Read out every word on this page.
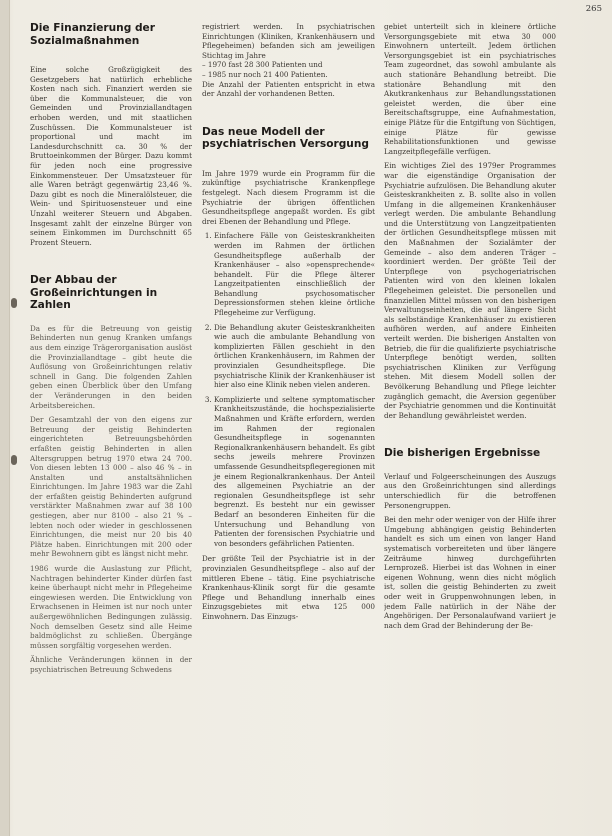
265
Die Finanzierung der Sozialmaßnahmen

Eine solche Großzügigkeit des Gesetzgebers hat natürlich erhebliche Kosten nach sich. Finanziert werden sie über die Kommunalsteuer, die von Gemeinden und Provinziallandtagen erhoben werden, und mit staatlichen Zuschüssen. Die Kommunalsteuer ist proportional und macht im Landesdurchschnitt ca. 30 % der Bruttoeinkommen der Bürger. Dazu kommt für jeden noch eine progressive Einkommensteuer. Der Umsatzsteuer für alle Waren beträgt gegenwärtig 23,46 %. Dazu gibt es noch die Mineralölsteuer, die Wein- und Spirituosensteuer und eine Unzahl weiterer Steuern und Abgaben. Insgesamt zahlt der einzelne Bürger von seinem Einkommen im Durchschnitt 65 Prozent Steuern.

Der Abbau der Großeinrichtungen in Zahlen

Da es für die Betreuung von geistig Behinderten nun genug Kranken umfangs aus dem einzige Trägerorganisation auslöst die Provinziallandtage – gibt heute die Auflösung von Großeinrichtungen relativ schnell in Gang. Die folgenden Zahlen geben einen Überblick über den Umfang der Veränderungen in den beiden Arbeitsbereichen.

Der Gesamtzahl der von den eigens zur Betreuung der geistig Behinderten eingerichteten Betreuungsbehörden erfaßten geistig Behinderten in allen Altersgruppen betrug 1970 etwa 24 700. Von diesen lebten 13 000 – also 46 % – in Anstalten und anstaltsähnlichen Einrichtungen. Im Jahre 1983 war die Zahl der erfaßten geistig Behinderten aufgrund verstärkter Maßnahmen zwar auf 38 100 gestiegen, aber nur 8100 – also 21 % – lebten noch oder wieder in geschlossenen Einrichtungen, die meist nur 20 bis 40 Plätze haben. Einrichtungen mit 200 oder mehr Bewohnern gibt es längst nicht mehr.

1986 wurde die Auslastung zur Pflicht, Nachtragen behinderter Kinder dürfen fast keine überhaupt nicht mehr in Pflegeheime eingewiesen werden. Die Entwicklung von Erwachsenen in Heimen ist nur noch unter außergewöhnlichen Bedingungen zulässig. Noch demselben Gesetz sind alle Heime baldmöglichst zu schließen. Übergänge müssen sorgfältig vorgesehen werden.

Ähnliche Veränderungen können in der psychiatrischen Betreuung Schwedens

registriert werden. In psychiatrischen Einrichtungen (Kliniken, Krankenhäusern und Pflegeheimen) befanden sich am jeweiligen Stichtag im Jahre
– 1970 fast 28 300 Patienten und
– 1985 nur noch 21 400 Patienten.
Die Anzahl der Patienten entspricht in etwa der Anzahl der vorhandenen Betten.

Das neue Modell der psychiatrischen Versorgung

Im Jahre 1979 wurde ein Programm für die zukünftige psychiatrische Krankenpflege festgelegt. Nach diesem Programm ist die Psychiatrie der übrigen öffentlichen Gesundheitspflege angepaßt worden. Es gibt drei Ebenen der Behandlung und Pflege.

1. Einfachere Fälle von Geisteskrankheiten werden im Rahmen der örtlichen Gesundheitspflege außerhalb der Krankenhäuser – also »opensprechende« behandelt. Für die Pflege älterer Langzeitpatienten einschließlich der Behandlung psychosomatischer Depressionsformen stehen kleine örtliche Pflegeheime zur Verfügung.
2. Die Behandlung akuter Geisteskrankheiten wie auch die ambulante Behandlung von komplizierten Fällen geschieht in den örtlichen Krankenhäusern, im Rahmen der provinzialen Gesundheitspflege. Die psychiatrische Klinik der Krankenhäuser ist hier also eine Klinik neben vielen anderen.
3. Komplizierte und seltene symptomatischer Krankheitszustände, die hochspezialisierte Maßnahmen und Kräfte erfordern, werden im Rahmen der regionalen Gesundheitspflege in sogenannten Regionalkrankenhäusern behandelt. Es gibt sechs jeweils mehrere Provinzen umfassende Gesundheitspflegeregionen mit je einem Regionalkrankenhaus. Der Anteil des allgemeinen Psychiatrie an der regionalen Gesundheitspflege ist sehr begrenzt. Es besteht nur ein gewisser Bedarf an besonderen Einheiten für die Untersuchung und Behandlung von Patienten der forensischen Psychiatrie und von besonders gefährlichen Patienten.

Der größte Teil der Psychiatrie ist in der provinzialen Gesundheitspflege – also auf der mittleren Ebene – tätig. Eine psychiatrische Krankenhaus-Klinik sorgt für die gesamte Pflege und Behandlung innerhalb eines Einzugsgebietes mit etwa 125 000 Einwohnern. Das Einzugs-

gebiet unterteilt sich in kleinere örtliche Versorgungsgebiete mit etwa 30 000 Einwohnern unterteilt. Jedem örtlichen Versorgungsgebiet ist ein psychiatrisches Team zugeordnet, das sowohl ambulante als auch stationäre Behandlung betreibt. Die stationäre Behandlung mit den Akutkrankenhaus zur Behandlungsstationen geleistet werden, die über eine Bereitschaftsgruppe, eine Aufnahmestation, einige Plätze für die Entgiftung von Süchtigen, einige Plätze für gewisse Rehabilitationsfunktionen und gewisse Langzeitpflegefälle verfügen.

Ein wichtiges Ziel des 1979er Programmes war die eigenständige Organisation der Psychiatrie aufzulösen. Die Behandlung akuter Geisteskrankheiten z. B. sollte also in vollen Umfang in die allgemeinen Krankenhäuser verlegt werden. Die ambulante Behandlung und die Unterstützung von Langzeitpatienten der örtlichen Gesundheitspflege müssen mit den Maßnahmen der Sozialämter der Gemeinde – also dem anderen Träger – koordiniert werden. Der größte Teil der Unterpflege von psychogeriatrischen Patienten wird von den kleinen lokalen Pflegeheimen geleistet. Die personellen und finanziellen Mittel müssen von den bisherigen Verwaltungseinheiten, die auf längere Sicht als selbständige Krankenhäuser zu existieren aufhören werden, auf andere Einheiten verteilt werden. Die bisherigen Anstalten von Betrieb, die für die qualifizierte psychiatrische Unterpflege benötigt werden, sollten psychiatrischen Kliniken zur Verfügung stehen. Mit diesem Modell sollen der Bevölkerung Behandlung und Pflege leichter zugänglich gemacht, die Aversion gegenüber der Psychiatrie genommen und die Kontinuität der Behandlung gewährleistet werden.

Die bisherigen Ergebnisse

Verlauf und Folgeerscheinungen des Auszugs aus den Großeinrichtungen sind allerdings unterschiedlich für die betroffenen Personengruppen.

Bei den mehr oder weniger von der Hilfe ihrer Umgebung abhängigen geistig Behinderten handelt es sich um einen von langer Hand systematisch vorbereiteten und über längere Zeiträume hinweg durchgeführten Lernprozeß. Hierbei ist das Wohnen in einer eigenen Wohnung, wenn dies nicht möglich ist, sollen die geistig Behinderten zu zweit oder weit in Gruppenwohnungen leben, in jedem Falle natürlich in der Nähe der Angehörigen. Der Personalaufwand variiert je nach dem Grad der Behinderung der Be-
